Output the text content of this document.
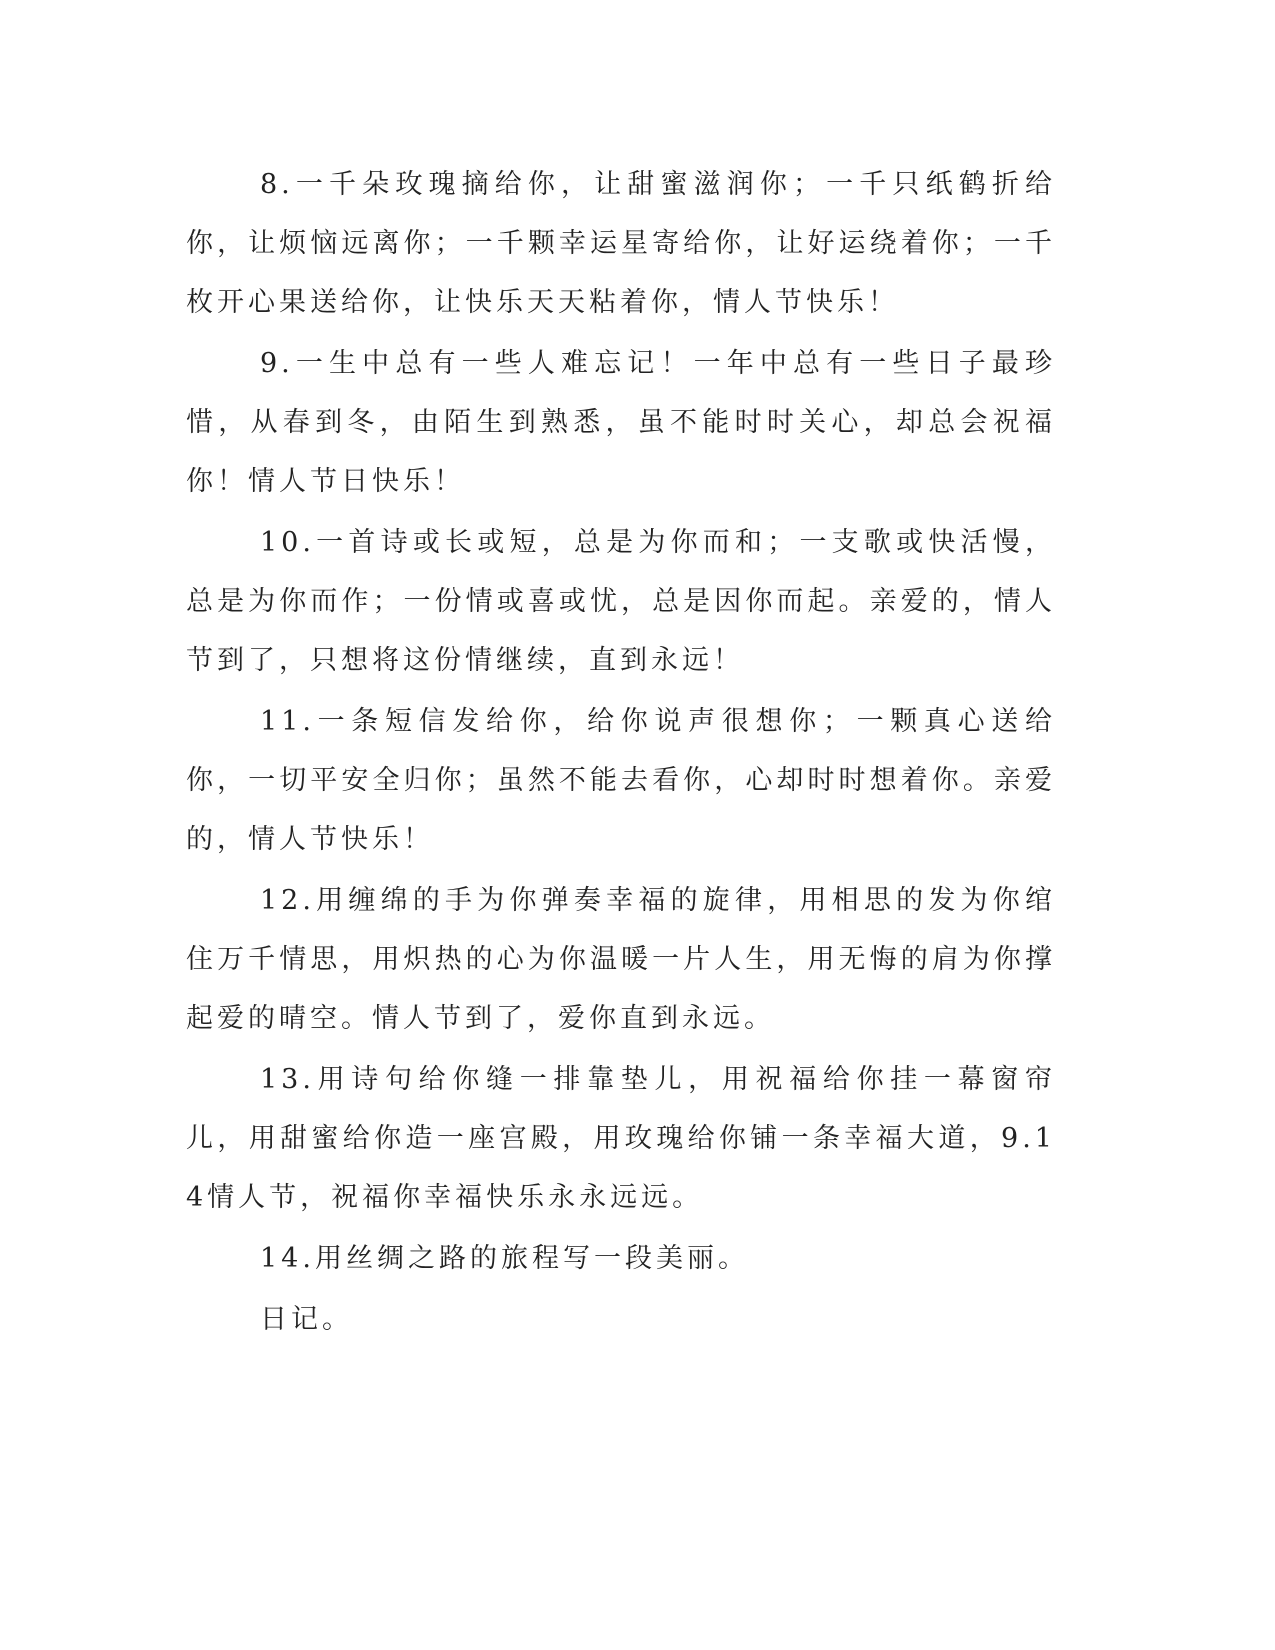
8.一千朵玫瑰摘给你，让甜蜜滋润你；一千只纸鹤折给你，让烦恼远离你；一千颗幸运星寄给你，让好运绕着你；一千枚开心果送给你，让快乐天天粘着你，情人节快乐！

9.一生中总有一些人难忘记！一年中总有一些日子最珍惜，从春到冬，由陌生到熟悉，虽不能时时关心，却总会祝福你！情人节日快乐！

10.一首诗或长或短，总是为你而和；一支歌或快活慢，总是为你而作；一份情或喜或忧，总是因你而起。亲爱的，情人节到了，只想将这份情继续，直到永远！

11.一条短信发给你，给你说声很想你；一颗真心送给你，一切平安全归你；虽然不能去看你，心却时时想着你。亲爱的，情人节快乐！

12.用缠绵的手为你弹奏幸福的旋律，用相思的发为你绾住万千情思，用炽热的心为你温暖一片人生，用无悔的肩为你撑起爱的晴空。情人节到了，爱你直到永远。

13.用诗句给你缝一排靠垫儿，用祝福给你挂一幕窗帘儿，用甜蜜给你造一座宫殿，用玫瑰给你铺一条幸福大道，9.14情人节，祝福你幸福快乐永永远远。

14.用丝绸之路的旅程写一段美丽。

日记。
